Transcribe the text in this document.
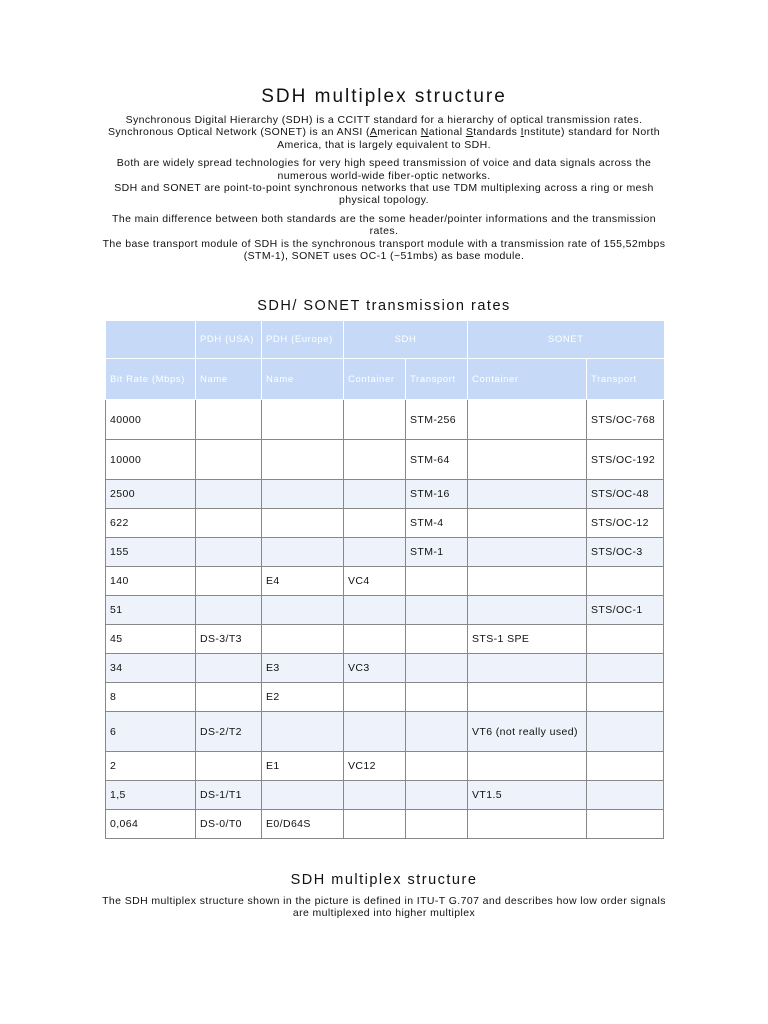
SDH multiplex structure

Synchronous Digital Hierarchy (SDH) is a CCITT standard for a hierarchy of optical transmission rates. Synchronous Optical Network (SONET) is an ANSI (American National Standards Institute) standard for North America, that is largely equivalent to SDH.

Both are widely spread technologies for very high speed transmission of voice and data signals across the numerous world-wide fiber-optic networks.

SDH and SONET are point-to-point synchronous networks that use TDM multiplexing across a ring or mesh physical topology.

The main difference between both standards are the some header/pointer informations and the transmission rates.

The base transport module of SDH is the synchronous transport module with a transmission rate of 155,52mbps (STM-1), SONET uses OC-1 (~51mbs) as base module.

SDH/ SONET transmission rates
	PDH (USA)	PDH (Europe)	SDH		SONET	
Bit Rate (Mbps)	Name	Name	Container	Transport	Container	Transport
40000				STM-256		STS/OC-768
10000				STM-64		STS/OC-192
2500				STM-16		STS/OC-48
622				STM-4		STS/OC-12
155				STM-1		STS/OC-3
140		E4	VC4			
51						STS/OC-1
45	DS-3/T3				STS-1 SPE	
34		E3	VC3			
8		E2				
6	DS-2/T2				VT6 (not really used)	
2		E1	VC12			
1,5	DS-1/T1				VT1.5	
0,064	DS-0/T0	E0/D64S				
SDH multiplex structure

The SDH multiplex structure shown in the picture is defined in ITU-T G.707 and describes how low order signals are multiplexed into higher multiplex
